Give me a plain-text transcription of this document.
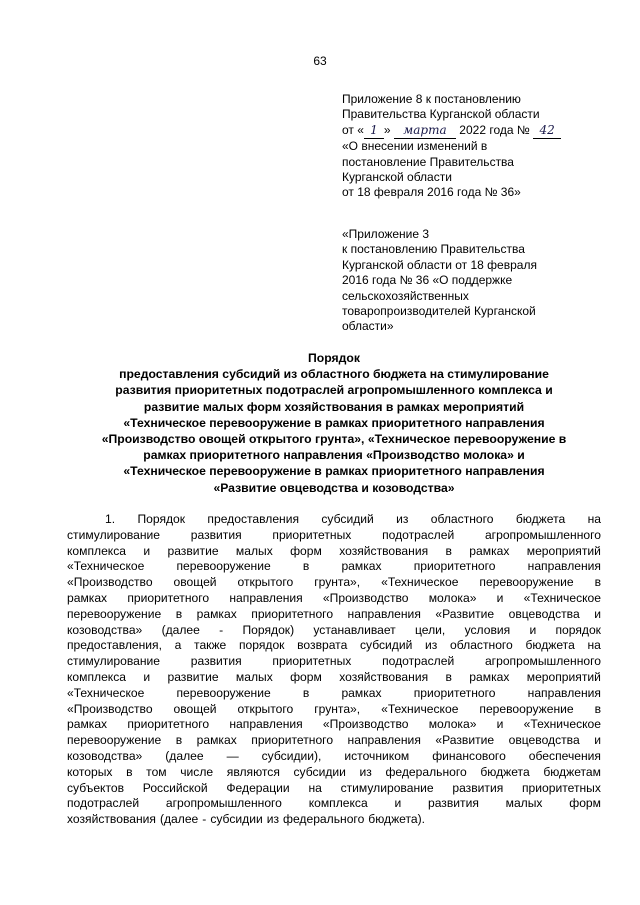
63
Приложение 8 к постановлению
Правительства Курганской области
от « 1 » марта 2022 года № 42
«О внесении изменений в
постановление Правительства
Курганской области
от 18 февраля 2016 года № 36»
«Приложение 3
к постановлению Правительства
Курганской области от 18 февраля
2016 года № 36 «О поддержке
сельскохозяйственных
товаропроизводителей Курганской
области»
Порядок
предоставления субсидий из областного бюджета на стимулирование
развития приоритетных подотраслей агропромышленного комплекса и
развитие малых форм хозяйствования в рамках мероприятий
«Техническое перевооружение в рамках приоритетного направления
«Производство овощей открытого грунта», «Техническое перевооружение в
рамках приоритетного направления «Производство молока» и
«Техническое перевооружение в рамках приоритетного направления
«Развитие овцеводства и козоводства»
1. Порядок предоставления субсидий из областного бюджета на
стимулирование	развития	приоритетных	подотраслей	агропромышленного
комплекса и развитие малых форм хозяйствования в рамках мероприятий
«Техническое	перевооружение	в	рамках	приоритетного	направления
«Производство овощей открытого грунта», «Техническое перевооружение в
рамках приоритетного направления «Производство молока» и «Техническое
перевооружение в рамках приоритетного направления «Развитие овцеводства и
козоводства» (далее - Порядок) устанавливает цели, условия и порядок
предоставления, а также порядок возврата субсидий из областного бюджета на
стимулирование	развития	приоритетных	подотраслей	агропромышленного
комплекса и развитие малых форм хозяйствования в рамках мероприятий
«Техническое	перевооружение	в	рамках	приоритетного	направления
«Производство овощей открытого грунта», «Техническое перевооружение в
рамках приоритетного направления «Производство молока» и «Техническое
перевооружение в рамках приоритетного направления «Развитие овцеводства и
козоводства» (далее — субсидии), источником финансового обеспечения
которых в том числе являются субсидии из федерального бюджета бюджетам
субъектов Российской Федерации на стимулирование развития приоритетных
подотраслей агропромышленного комплекса и развития малых форм
хозяйствования (далее - субсидии из федерального бюджета).
